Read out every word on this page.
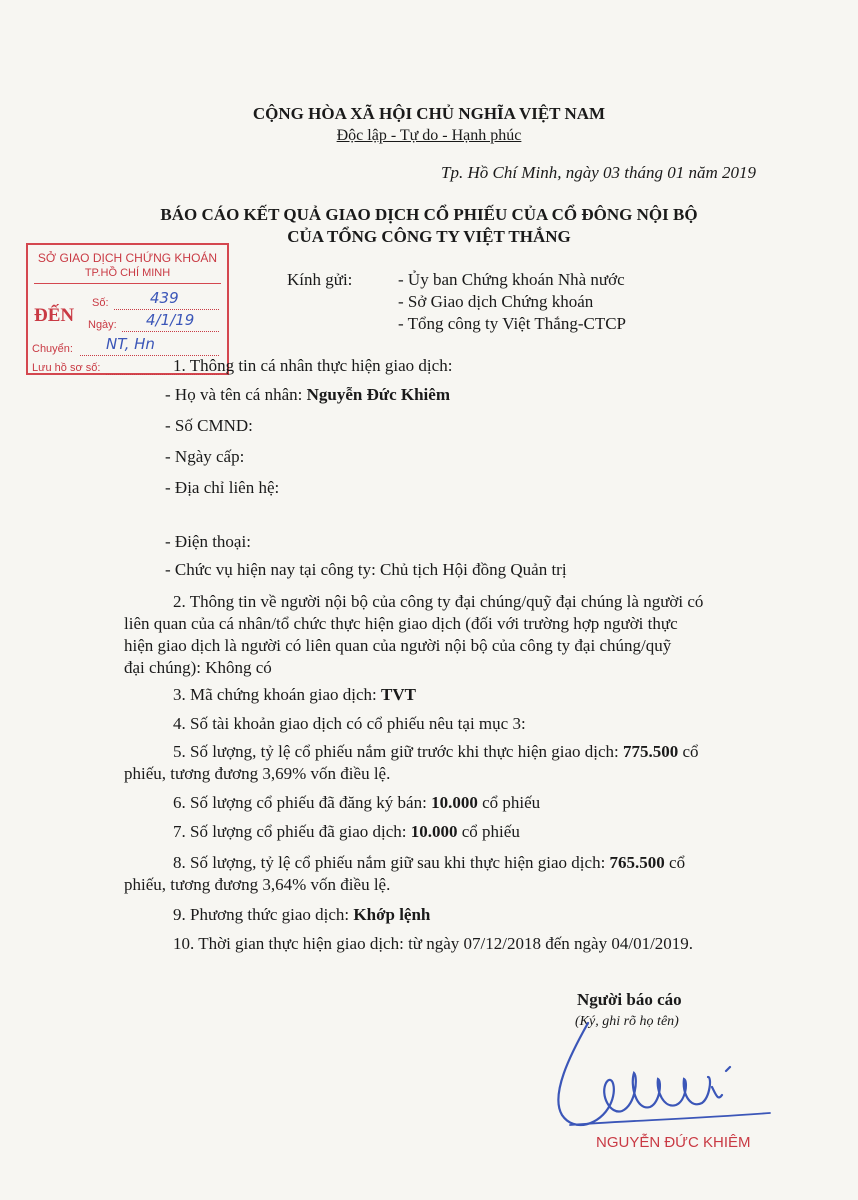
CỘNG HÒA XÃ HỘI CHỦ NGHĨA VIỆT NAM
Độc lập - Tự do - Hạnh phúc
Tp. Hồ Chí Minh, ngày 03 tháng 01 năm 2019
BÁO CÁO KẾT QUẢ GIAO DỊCH CỔ PHIẾU CỦA CỔ ĐÔNG NỘI BỘ
CỦA TỔNG CÔNG TY VIỆT THẮNG
SỞ GIAO DỊCH CHỨNG KHOÁN
TP.HỒ CHÍ MINH
ĐẾN
Số:	439
Ngày: 4/1/19
Chuyển: NT, Hn
Lưu hồ sơ số:
Kính gửi:	- Ủy ban Chứng khoán Nhà nước
- Sở Giao dịch Chứng khoán
- Tổng công ty Việt Thắng-CTCP
1. Thông tin cá nhân thực hiện giao dịch:
- Họ và tên cá nhân: Nguyễn Đức Khiêm
- Số CMND:
- Ngày cấp:
- Địa chỉ liên hệ:
- Điện thoại:
- Chức vụ hiện nay tại công ty: Chủ tịch Hội đồng Quản trị
2. Thông tin về người nội bộ của công ty đại chúng/quỹ đại chúng là người có
liên quan của cá nhân/tổ chức thực hiện giao dịch (đối với trường hợp người thực
hiện giao dịch là người có liên quan của người nội bộ của công ty đại chúng/quỹ
đại chúng): Không có
3. Mã chứng khoán giao dịch: TVT
4. Số tài khoản giao dịch có cổ phiếu nêu tại mục 3:
5. Số lượng, tỷ lệ cổ phiếu nắm giữ trước khi thực hiện giao dịch: 775.500 cổ
phiếu, tương đương 3,69% vốn điều lệ.
6. Số lượng cổ phiếu đã đăng ký bán: 10.000 cổ phiếu
7. Số lượng cổ phiếu đã giao dịch: 10.000 cổ phiếu
8. Số lượng, tỷ lệ cổ phiếu nắm giữ sau khi thực hiện giao dịch: 765.500 cổ
phiếu, tương đương 3,64% vốn điều lệ.
9. Phương thức giao dịch: Khớp lệnh
10. Thời gian thực hiện giao dịch: từ ngày 07/12/2018 đến ngày 04/01/2019.
Người báo cáo
(Ký, ghi rõ họ tên)
NGUYỄN ĐỨC KHIÊM
